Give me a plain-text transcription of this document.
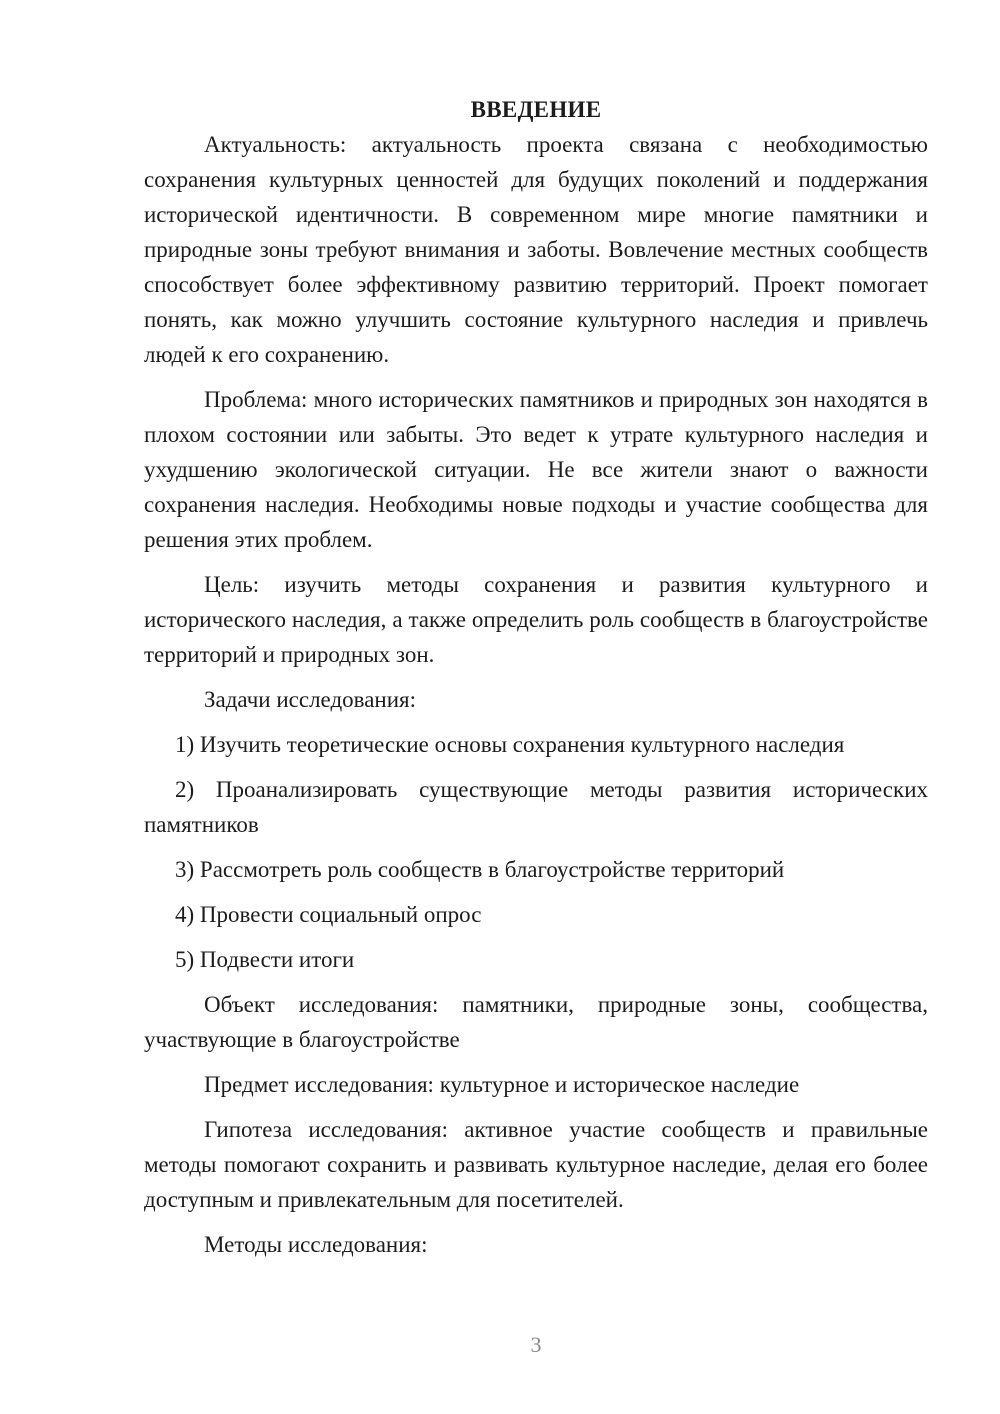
ВВЕДЕНИЕ

Актуальность: актуальность проекта связана с необходимостью сохранения культурных ценностей для будущих поколений и поддержания исторической идентичности. В современном мире многие памятники и природные зоны требуют внимания и заботы. Вовлечение местных сообществ способствует более эффективному развитию территорий. Проект помогает понять, как можно улучшить состояние культурного наследия и привлечь людей к его сохранению.

Проблема: много исторических памятников и природных зон находятся в плохом состоянии или забыты. Это ведет к утрате культурного наследия и ухудшению экологической ситуации. Не все жители знают о важности сохранения наследия. Необходимы новые подходы и участие сообщества для решения этих проблем.

Цель: изучить методы сохранения и развития культурного и исторического наследия, а также определить роль сообществ в благоустройстве территорий и природных зон.

Задачи исследования:

1) Изучить теоретические основы сохранения культурного наследия

2) Проанализировать существующие методы развития исторических памятников

3) Рассмотреть роль сообществ в благоустройстве территорий

4) Провести социальный опрос

5) Подвести итоги

Объект исследования: памятники, природные зоны, сообщества, участвующие в благоустройстве

Предмет исследования: культурное и историческое наследие

Гипотеза исследования: активное участие сообществ и правильные методы помогают сохранить и развивать культурное наследие, делая его более доступным и привлекательным для посетителей.

Методы исследования:

3
